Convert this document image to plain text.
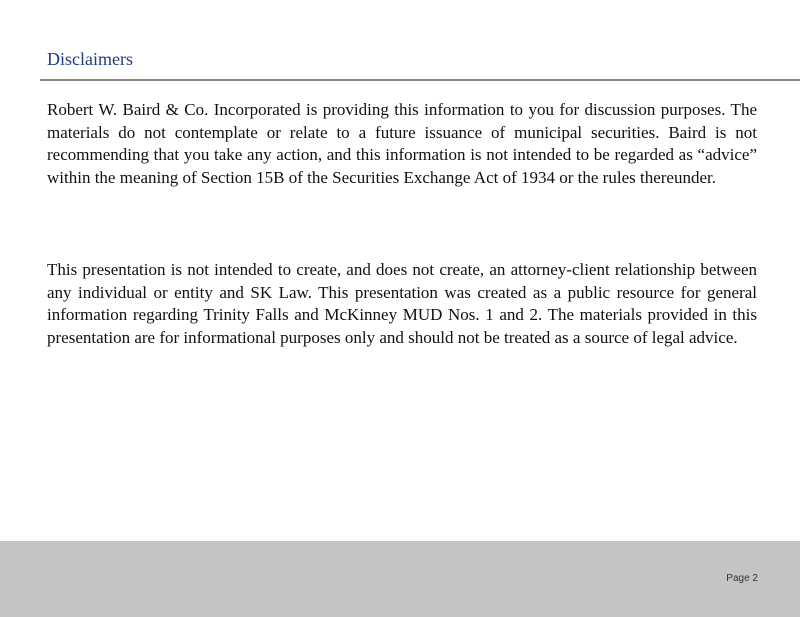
Disclaimers

Robert W. Baird & Co. Incorporated is providing this information to you for discussion purposes. The materials do not contemplate or relate to a future issuance of municipal securities. Baird is not recommending that you take any action, and this information is not intended to be regarded as “advice” within the meaning of Section 15B of the Securities Exchange Act of 1934 or the rules thereunder.

This presentation is not intended to create, and does not create, an attorney-client relationship between any individual or entity and SK Law. This presentation was created as a public resource for general information regarding Trinity Falls and McKinney MUD Nos. 1 and 2. The materials provided in this presentation are for informational purposes only and should not be treated as a source of legal advice.

Page 2
